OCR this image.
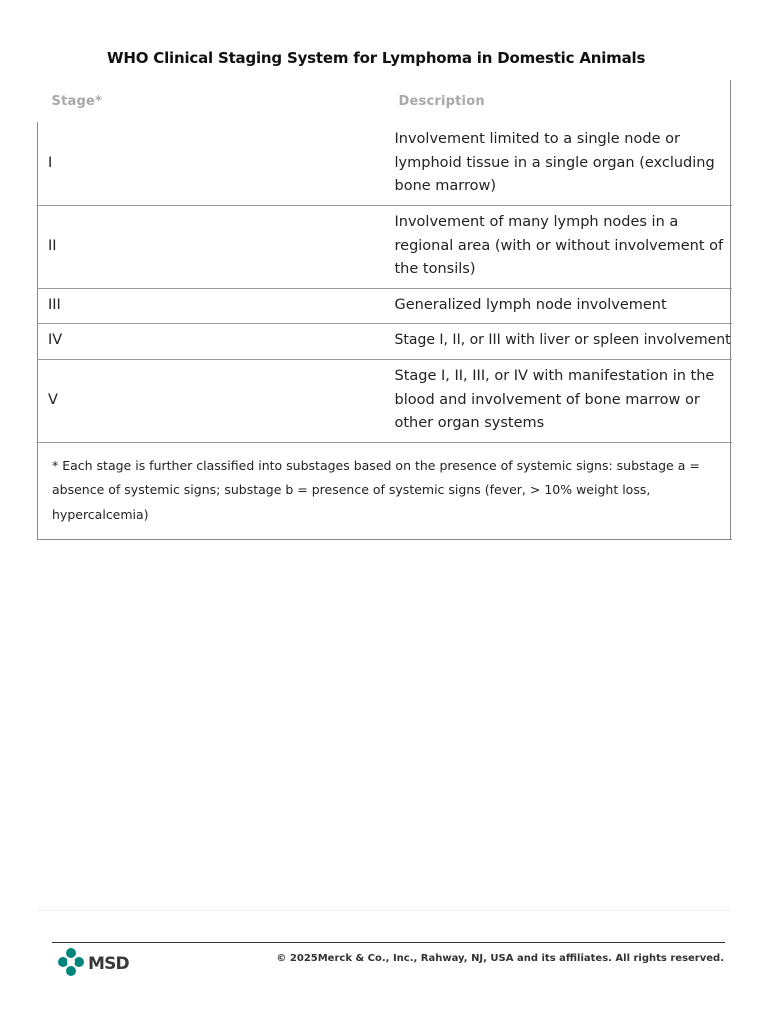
WHO Clinical Staging System for Lymphoma in Domestic Animals
Stage*	Description
I	Involvement limited to a single node or lymphoid tissue in a single organ (excluding bone marrow)
II	Involvement of many lymph nodes in a regional area (with or without involvement of the tonsils)
III	Generalized lymph node involvement
IV	Stage I, II, or III with liver or spleen involvement
V	Stage I, II, III, or IV with manifestation in the blood and involvement of bone marrow or other organ systems
* Each stage is further classified into substages based on the presence of systemic signs: substage a = absence of systemic signs; substage b = presence of systemic signs (fever, > 10% weight loss, hypercalcemia)	
MSD	© 2025Merck & Co., Inc., Rahway, NJ, USA and its affiliates. All rights reserved.
